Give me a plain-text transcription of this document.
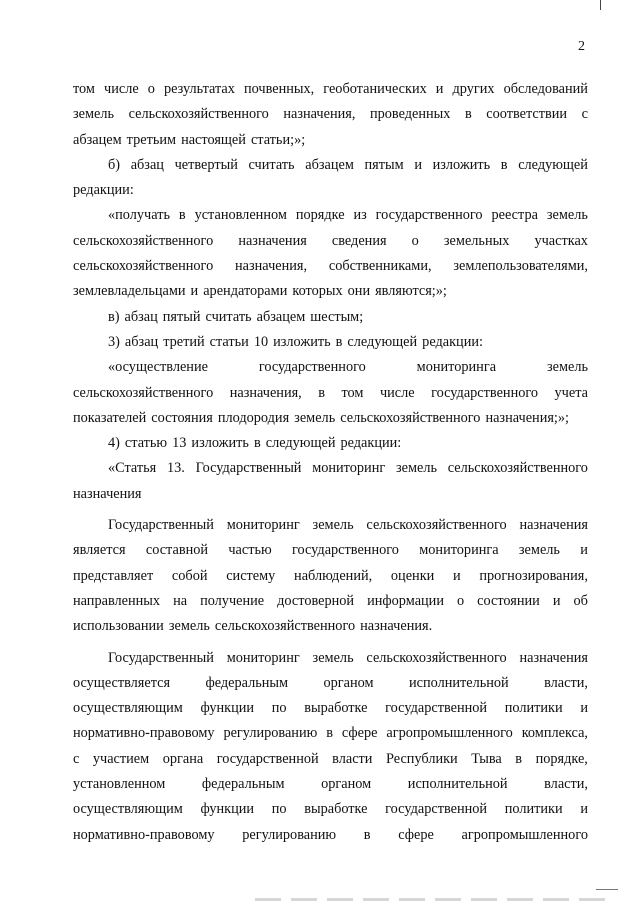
2
том числе о результатах почвенных, геоботанических и других обследований
земель сельскохозяйственного назначения, проведенных в соответствии с
абзацем третьим настоящей статьи;»;
б) абзац четвертый считать абзацем пятым и изложить в следующей
редакции:
«получать в установленном порядке из государственного реестра земель
сельскохозяйственного назначения сведения о земельных участках
сельскохозяйственного назначения, собственниками, землепользователями,
землевладельцами и арендаторами которых они являются;»;
в) абзац пятый считать абзацем шестым;
3) абзац третий статьи 10 изложить в следующей редакции:
«осуществление	государственного	мониторинга	земель
сельскохозяйственного назначения, в том числе государственного учета
показателей состояния плодородия земель сельскохозяйственного назначения;»;
4) статью 13 изложить в следующей редакции:
«Статья 13. Государственный мониторинг земель сельскохозяйственного
назначения
Государственный мониторинг земель сельскохозяйственного назначения
является составной частью государственного мониторинга земель и
представляет собой систему наблюдений, оценки и прогнозирования,
направленных на получение достоверной информации о состоянии и об
использовании земель сельскохозяйственного назначения.
Государственный мониторинг земель сельскохозяйственного назначения
осуществляется федеральным органом исполнительной власти,
осуществляющим функции по выработке государственной политики и
нормативно-правовому регулированию в сфере агропромышленного комплекса,
с участием органа государственной власти Республики Тыва в порядке,
установленном	федеральным	органом	исполнительной	власти,
осуществляющим функции по выработке государственной политики и
нормативно-правовому регулированию в сфере агропромышленного
